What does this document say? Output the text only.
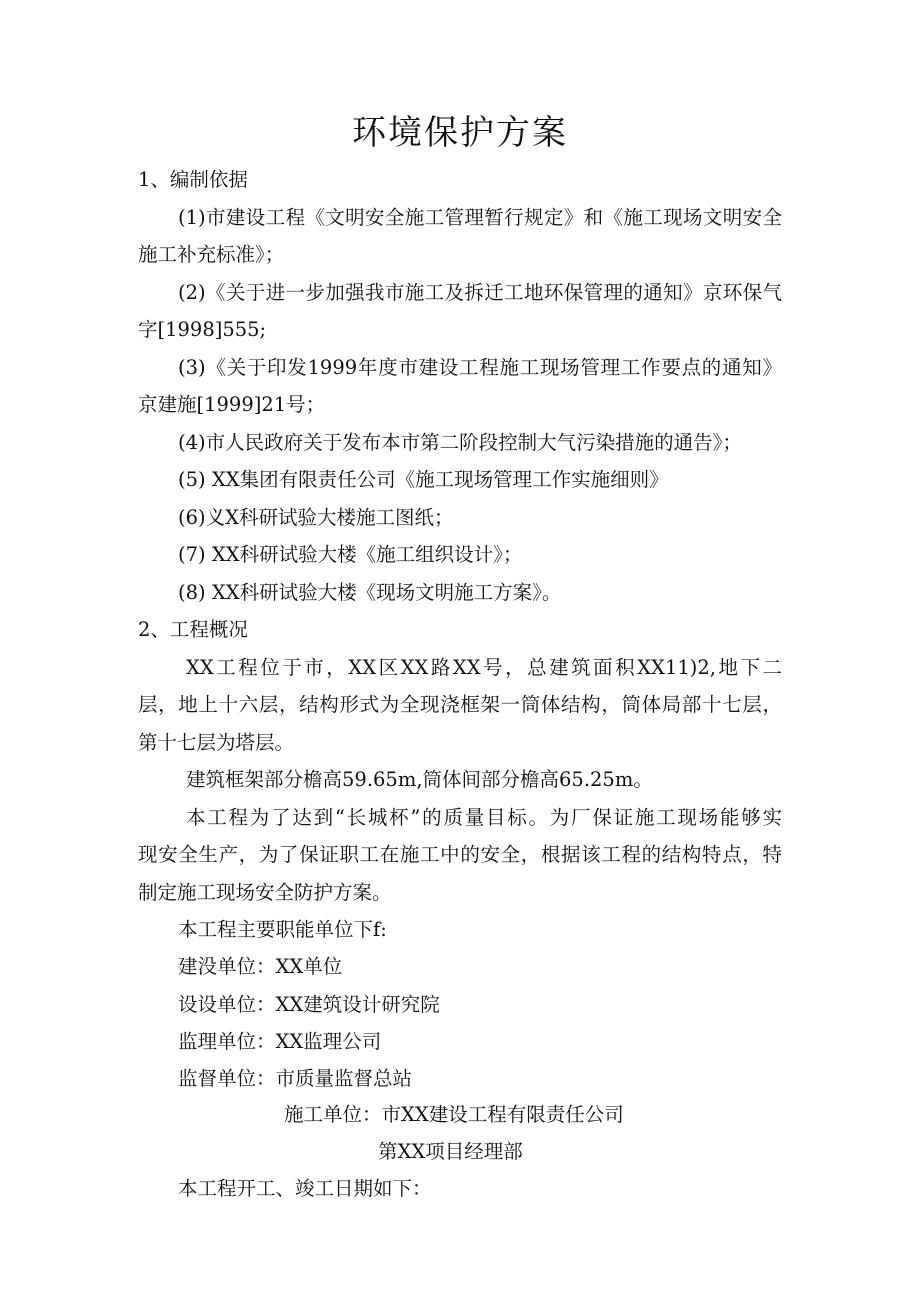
环境保护方案
1、编制依据
(1)市建设工程《文明安全施工管理暂行规定》和《施工现场文明安全
施工补充标准》；
(2)《关于进一步加强我市施工及拆迁工地环保管理的通知》京环保气
字[1998]555;
(3)《关于印发1999年度市建设工程施工现场管理工作要点的通知》
京建施[1999]21号；
(4)市人民政府关于发布本市第二阶段控制大气污染措施的通告》；
(5) XX集团有限责任公司《施工现场管理工作实施细则》
(6)义X科研试验大楼施工图纸；
(7) XX科研试验大楼《施工组织设计》；
(8) XX科研试验大楼《现场文明施工方案》。
2、工程概况
XX工程位于市，XX区XX路XX号，总建筑面积XX11)2,地下二
层，地上十六层，结构形式为全现浇框架一筒体结构，筒体局部十七层，
第十七层为塔层。
建筑框架部分檐高59.65m,筒体间部分檐高65.25m。
本工程为了达到“长城杯”的质量目标。为厂保证施工现场能够实
现安全生产，为了保证职工在施工中的安全，根据该工程的结构特点，特
制定施工现场安全防护方案。
本工程主要职能单位下f:
建没单位：XX单位
设设单位：XX建筑设计研究院
监理单位：XX监理公司
监督单位：市质量监督总站
施工单位：市XX建设工程有限责任公司
第XX项目经理部
本工程开工、竣工日期如下：
